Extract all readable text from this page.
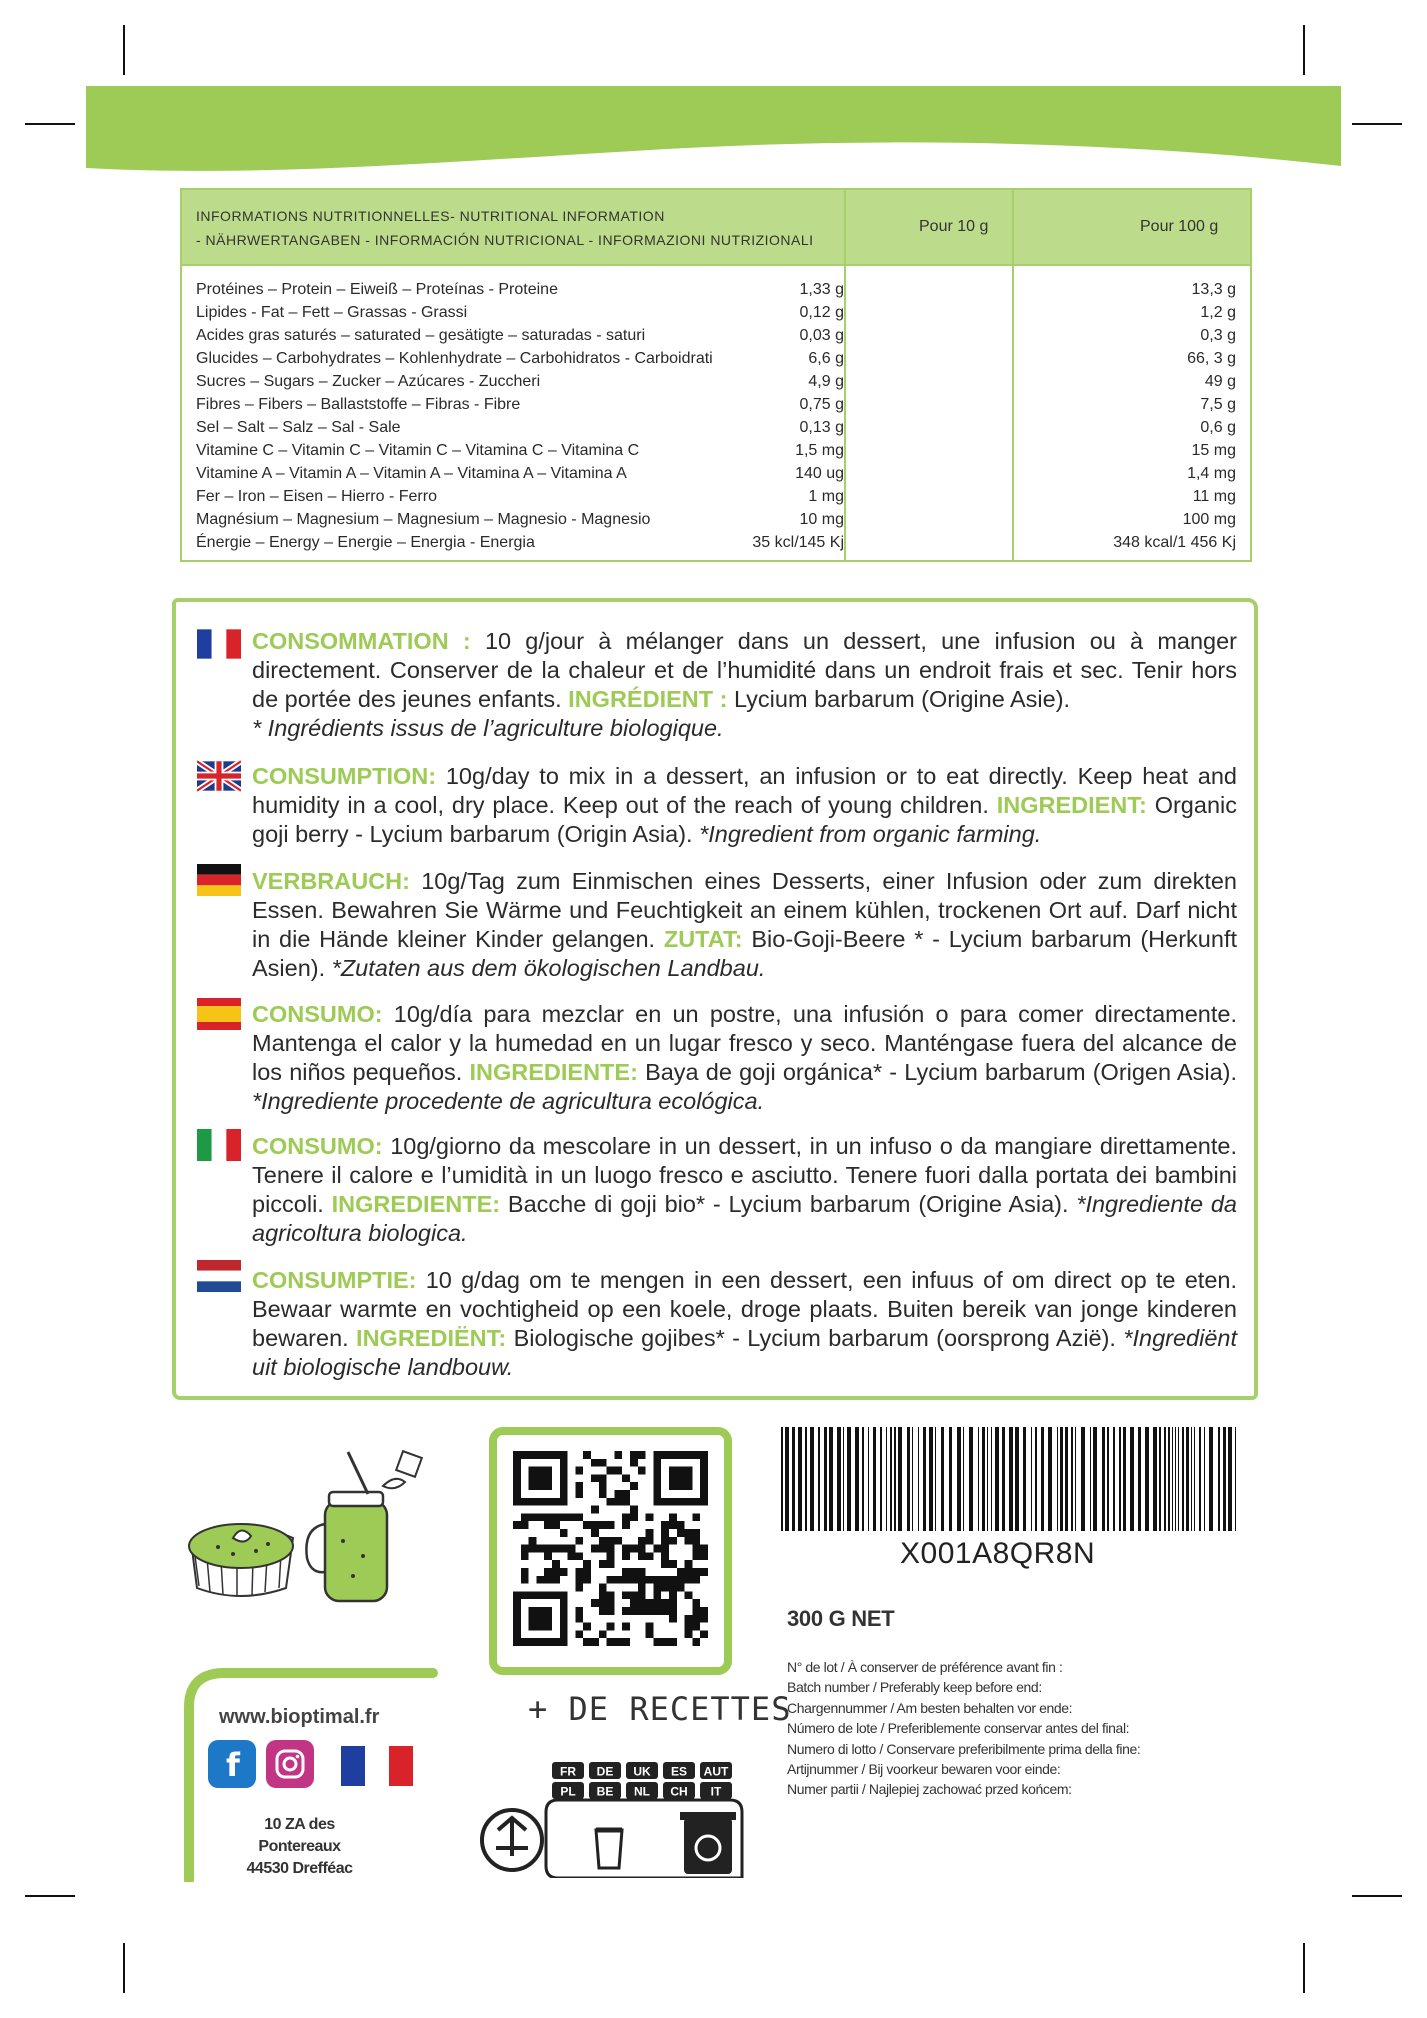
INFORMATIONS NUTRITIONNELLES- NUTRITIONAL INFORMATION
- NÄHRWERTANGABEN - INFORMACIÓN NUTRICIONAL - INFORMAZIONI NUTRIZIONALI
Pour 10 g	Pour 100 g
Protéines – Protein – Eiweiß – Proteínas - Proteine	1,33 g	13,3 g
Lipides - Fat – Fett – Grassas - Grassi	0,12 g	1,2 g
Acides gras saturés – saturated – gesätigte – saturadas - saturi	0,03 g	0,3 g
Glucides – Carbohydrates – Kohlenhydrate – Carbohidratos - Carboidrati	6,6 g	66, 3 g
Sucres – Sugars – Zucker – Azúcares - Zuccheri	4,9 g	49 g
Fibres – Fibers – Ballaststoffe – Fibras - Fibre	0,75 g	7,5 g
Sel – Salt – Salz – Sal - Sale	0,13 g	0,6 g
Vitamine C – Vitamin C – Vitamin C – Vitamina C – Vitamina C	1,5 mg	15 mg
Vitamine A – Vitamin A – Vitamin A – Vitamina A – Vitamina A	140 ug	1,4 mg
Fer – Iron – Eisen – Hierro - Ferro	1 mg	11 mg
Magnésium – Magnesium – Magnesium – Magnesio - Magnesio	10 mg	100 mg
Énergie – Energy – Energie – Energia - Energia	35 kcl/145 Kj	348 kcal/1 456 Kj
CONSOMMATION : 10 g/jour à mélanger dans un dessert, une infusion ou à manger directement. Conserver de la chaleur et de l’humidité dans un endroit frais et sec. Tenir hors de portée des jeunes enfants. INGRÉDIENT : Lycium barbarum (Origine Asie).
* Ingrédients issus de l’agriculture biologique.
CONSUMPTION: 10g/day to mix in a dessert, an infusion or to eat directly. Keep heat and humidity in a cool, dry place. Keep out of the reach of young children. INGREDIENT: Organic goji berry - Lycium barbarum (Origin Asia). *Ingredient from organic farming.
VERBRAUCH: 10g/Tag zum Einmischen eines Desserts, einer Infusion oder zum direkten Essen. Bewahren Sie Wärme und Feuchtigkeit an einem kühlen, trockenen Ort auf. Darf nicht in die Hände kleiner Kinder gelangen. ZUTAT: Bio-Goji-Beere * - Lycium barbarum (Herkunft Asien). *Zutaten aus dem ökologischen Landbau.
CONSUMO: 10g/día para mezclar en un postre, una infusión o para comer directamente. Mantenga el calor y la humedad en un lugar fresco y seco. Manténgase fuera del alcance de los niños pequeños. INGREDIENTE: Baya de goji orgánica* - Lycium barbarum (Origen Asia). *Ingrediente procedente de agricultura ecológica.
CONSUMO: 10g/giorno da mescolare in un dessert, in un infuso o da mangiare direttamente. Tenere il calore e l’umidità in un luogo fresco e asciutto. Tenere fuori dalla portata dei bambini piccoli. INGREDIENTE: Bacche di goji bio* - Lycium barbarum (Origine Asia). *Ingrediente da agricoltura biologica.
CONSUMPTIE: 10 g/dag om te mengen in een dessert, een infuus of om direct op te eten. Bewaar warmte en vochtigheid op een koele, droge plaats. Buiten bereik van jonge kinderen bewaren. INGREDIËNT: Biologische gojibes* - Lycium barbarum (oorsprong Azië). *Ingrediënt uit biologische landbouw.
+ DE RECETTES
X001A8QR8N
300 G NET
N° de lot / À conserver de préférence avant fin :
Batch number / Preferably keep before end:
Chargennummer / Am besten behalten vor ende:
Número de lote / Preferiblemente conservar antes del final:
Numero di lotto / Conservare preferibilmente prima della fine:
Artijnummer / Bij voorkeur bewaren voor einde:
Numer partii / Najlepiej zachować przed końcem:
www.bioptimal.fr
f
10 ZA des Pontereaux
44530 Drefféac
FR DE UK ES AUT
PL BE NL CH IT
